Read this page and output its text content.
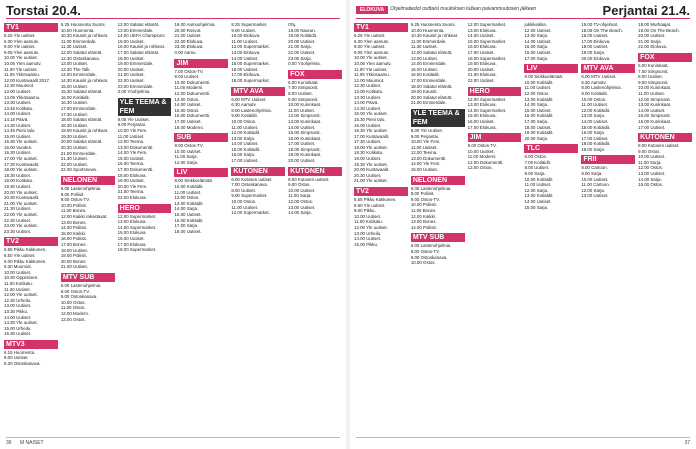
Torstai 20.4.
TV1
6.25 Yle uutiset.
6.30 Ylen aamutv.
9.00 Yle uutiset.
9.05 Ylen aamutv.
10.00 Yle uutiset.
10.05 Ylen aamutv.
11.00 Yle uutiset.
11.05 Ykkösaamu.
12.00 Kuntavaalit 2017.
12.30 Muumiot.
13.00 Uutiset.
13.05 Ykkösaamu.
13.30 Uutiset.
13.45 Kotikatu.
14.00 Uutiset.
14.15 Päivä.
14.30 Uutiset.
14.45 Pieni talo.
15.00 Uutiset.
15.30 Yle uutiset.
16.00 Vuoden.
16.30 Uutiset.
17.00 Yle uutiset.
17.30 Kuntavaalit.
18.00 Yle uutiset.
18.30 Uutiset.
19.00 Kotikatu.
19.30 Uutiset.
20.00 Yle uutiset.
20.30 Kuntavaalit.
21.00 Yle uutiset.
21.30 Uutiset.
22.00 Yle uutiset.
22.30 Uutiset.
23.00 Yle uutiset.
23.30 Uutiset.
TV2
6.55 Pikku Kakkonen.
8.50 Yle uutiset.
9.00 Pikku Kakkonen.
9.30 Muumiot.
10.00 Uutiset.
10.30 Oppimisen.
11.00 Kotikatu.
11.30 Uutiset.
12.00 Yle uutiset.
12.30 Urheilu.
13.00 Uutiset.
13.30 Pikku.
14.00 Uutiset.
14.30 Yle uutiset.
15.00 Urheilu.
15.30 Uutiset.
MTV3
6.15 Huomenta.
9.00 Uutiset.
9.30 Ostoskanava.
6.25 Huomenta Suomi.
10.00 Huomenta.
10.30 Kauniit ja rohkeat.
11.00 Emmerdale.
11.30 Uutiset.
12.00 Salatut elämät.
12.30 Ostoskanava.
13.00 Uutiset.
13.30 The Talk.
14.00 Emmerdale.
14.30 Kauniit ja rohkeat.
15.00 Uutiset.
15.30 Salatut elämät.
16.00 Kotiäidit.
16.30 Uutiset.
17.00 Emmerdale.
17.30 Uutiset.
18.00 Salatut elämät.
18.30 Uutiset.
19.00 Kauniit ja rohkeat.
19.30 Uutiset.
20.00 Salatut elämät.
20.30 Uutiset.
21.00 Emmerdale.
21.30 Uutiset.
22.00 Uutiset.
22.30 Sportsnews.
NELONEN
6.00 Lastenohjelmia.
8.00 Poliisit.
9.00 Ostos-TV.
10.00 Poliisit.
11.00 Bones.
12.00 Kaikki rakastavat.
13.00 Bones.
14.00 Poliisit.
15.00 Kaikki.
16.00 Poliisit.
17.00 Bones.
18.00 Uutiset.
19.00 Poliisit.
20.00 Bones.
21.00 Uutiset.
MTV SUB
6.00 Lastenohjelmia.
8.00 Ostos-TV.
9.00 Ostoskanava.
10.00 Ostos.
11.00 Ostos.
12.00 Modern.
13.00 Ostos.
12.00 Salatut elämät.
13.00 Emmerdale.
14.00 UEFA Champions.
15.00 Uutiset.
16.00 Kauniit ja rohkeat.
17.00 Salatut elämät.
18.00 Uutiset.
19.00 Emmerdale.
20.00 Uutiset.
21.00 Uutiset.
22.00 Uutiset.
23.00 Emmerdale.
0.00 Yöohjelmia.
YLE TEEMA & FEM
8.00 Yle Uutiset.
9.00 Perjantai.
10.00 Yle Fem.
11.00 Uutiset.
12.00 Teema.
13.00 Dokumentti.
14.00 Yle Fem.
15.00 Uutiset.
16.00 Teema.
17.00 Dokumentti.
18.00 Elokuva.
19.00 Uutiset.
20.00 Yle Fem.
21.00 Teema.
22.00 Elokuva.
HERO
12.00 Supermarket.
13.00 Elokuva.
14.00 Supermarket.
15.00 Elokuva.
16.00 Uutiset.
17.00 Elokuva.
18.00 Supermarket.
19.00 Aamuohjelmia.
20.00 Rosvot.
21.00 Uutiset.
22.00 Elokuva.
23.00 Elokuva.
0.00 Aamu.
JIM
7.00 Ostos-TV.
9.00 Uutiset.
10.00 Dokumentti.
11.00 Moderni.
12.00 Dokumentti.
13.00 Ostos.
14.00 Uutiset.
15.00 Ostos.
16.00 Dokumentti.
17.00 Uutiset.
18.00 Moderni.
SUB
8.00 Ostos-TV.
10.00 Uutiset.
11.00 Sarja.
12.00 Sarja.
LIV
9.00 Sinkkuelämää.
10.00 Kotiäidit.
11.00 Uutiset.
12.00 Ostos.
13.00 Kotiäidit.
14.00 Sarja.
15.00 Uutiset.
16.00 Kotiäidit.
17.00 Sarja.
18.00 Uutiset.
8.25 Supermarket.
9.00 Uutiset.
10.00 Elokuva.
11.00 Uutiset.
12.00 Supermarket.
13.00 Elokuva.
14.00 Uutiset.
15.00 Supermarket.
16.00 Uutiset.
17.00 Elokuva.
18.00 Supermarket.
MTV AVA
6.00 MTV Uutiset.
6.30 Aamutv.
8.00 Lastenohjelmia.
9.00 Kotiäidit.
10.00 Ostos.
11.00 Uutiset.
12.00 Kotiäidit.
13.00 Sarja.
14.00 Uutiset.
15.00 Kotiäidit.
16.00 Sarja.
17.00 Uutiset.
KUTONEN
6.00 Kutosen uutiset.
7.00 Ostoskanava.
8.00 Uutiset.
9.00 Supermarket.
10.00 Ostos.
11.00 Uutiset.
12.00 Supermarket.
Ohj.
18.00 Naurun.
19.00 Kotiäidit.
20.00 Uutiset.
21.00 Sarja.
22.00 Uutiset.
23.00 Sarja.
0.00 Yöohjelmia.
FOX
6.00 Kuninkaat.
7.00 Simpsonit.
8.00 Uutiset.
9.00 Simpsonit.
10.00 Kuninkaat.
11.00 Uutiset.
12.00 Simpsonit.
13.00 Kuninkaat.
14.00 Uutiset.
15.00 Simpsonit.
16.00 Kuninkaat.
17.00 Uutiset.
18.00 Simpsonit.
19.00 Kuninkaat.
20.00 Uutiset.
KUTONEN
8.00 Kutosen uutiset.
9.00 Ostos.
10.00 Uutiset.
11.00 Sarja.
12.00 Ostos.
13.00 Uutiset.
14.00 Sarja.
36 M NAISET
ELOKUVA	Ohjelmatiedot osittaisi muutoksen tullaan paivanmuutosen jälkeen	Perjantai 21.4.
TV1
6.25 Yle uutiset.
6.30 Ylen aamutv.
9.00 Yle uutiset.
9.05 Ylen aamutv.
10.00 Yle uutiset.
10.05 Ylen aamutv.
11.00 Yle uutiset.
11.05 Ykkösaamu.
12.00 Muumiot.
12.30 Uutiset.
13.00 Kotikatu.
13.30 Uutiset.
14.00 Päivä.
14.30 Uutiset.
15.00 Yle uutiset.
15.30 Pieni talo.
16.00 Uutiset.
16.30 Yle uutiset.
17.00 Kuntavaalit.
17.30 Uutiset.
18.00 Yle uutiset.
18.30 Kotikatu.
19.00 Uutiset.
19.30 Yle uutiset.
20.00 Kuntavaalit.
20.30 Uutiset.
21.00 Yle uutiset.
TV2
6.55 Pikku Kakkonen.
8.50 Yle uutiset.
9.00 Pikku.
10.00 Uutiset.
11.00 Kotikatu.
12.00 Yle uutiset.
13.00 Urheilu.
14.00 Uutiset.
15.00 Pikku.
6.25 Huomenta Suomi.
10.00 Huomenta.
10.30 Kauniit ja rohkeat.
11.00 Emmerdale.
11.30 Uutiset.
12.00 Salatut elämät.
13.00 Uutiset.
14.00 Emmerdale.
15.00 Uutiset.
16.00 Kotiäidit.
17.00 Emmerdale.
18.00 Salatut elämät.
19.00 Kauniit.
20.00 Salatut elämät.
21.00 Emmerdale.
YLE TEEMA & FEM
8.00 Yle Uutiset.
9.00 Perjantai.
10.00 Yle Fem.
11.00 Uutiset.
12.00 Teema.
13.00 Dokumentti.
14.00 Yle Fem.
15.00 Uutiset.
NELONEN
6.00 Lastenohjelmia.
8.00 Poliisit.
9.00 Ostos-TV.
10.00 Poliisit.
11.00 Bones.
12.00 Kaikki.
13.00 Bones.
14.00 Poliisit.
MTV SUB
6.00 Lastenohjelmia.
8.00 Ostos-TV.
9.00 Ostoskanava.
10.00 Ostos.
12.00 Supermarket.
13.00 Elokuva.
14.00 Uutiset.
15.00 Supermarket.
16.00 Elokuva.
17.00 Uutiset.
18.00 Supermarket.
19.00 Elokuva.
20.00 Uutiset.
21.00 Elokuva.
22.00 Uutiset.
HERO
12.00 Supermarket.
13.00 Elokuva.
14.00 Supermarket.
15.00 Elokuva.
16.00 Uutiset.
17.00 Elokuva.
JIM
9.00 Ostos-TV.
10.00 Uutiset.
11.00 Moderni.
12.00 Dokumentti.
13.00 Ostos.
jukkikeikka.
12.00 Uutiset.
13.00 Sarja.
14.00 Uutiset.
15.00 Sarja.
16.00 Uutiset.
17.00 Sarja.
LIV
9.00 Sinkkuelämää.
10.00 Kotiäidit.
11.00 Uutiset.
12.00 Ostos.
13.00 Kotiäidit.
14.00 Sarja.
15.00 Uutiset.
16.00 Kotiäidit.
17.00 Sarja.
18.00 Uutiset.
19.00 Kotiäidit.
20.00 Sarja.
TLC
6.00 Ostos.
7.00 Kotiäidit.
8.00 Uutiset.
9.00 Sarja.
10.00 Kotiäidit.
11.00 Uutiset.
12.00 Sarja.
13.00 Kotiäidit.
14.00 Uutiset.
15.00 Sarja.
15.00 TV-ohjelmat.
15.05 On The Beach.
16.00 Uutiset.
17.00 Elokuva.
18.00 Uutiset.
19.00 Sarja.
20.00 Elokuva.
MTV AVA
6.00 MTV Uutiset.
6.30 Aamutv.
8.00 Lastenohjelmia.
9.00 Kotiäidit.
10.00 Ostos.
11.00 Uutiset.
12.00 Kotiäidit.
13.00 Sarja.
14.00 Uutiset.
15.00 Kotiäidit.
16.00 Sarja.
17.00 Uutiset.
18.00 Kotiäidit.
19.00 Sarja.
FRII
8.00 Cartoon.
9.00 Sarja.
10.00 Uutiset.
11.00 Cartoon.
12.00 Sarja.
13.00 Uutiset.
18.00 Murhaajat.
19.00 On The Beach.
20.00 Uutiset.
21.00 Sarja.
22.00 Elokuva.
FOX
6.00 Kuninkaat.
7.00 Simpsonit.
8.00 Uutiset.
9.00 Simpsonit.
10.00 Kuninkaat.
11.00 Uutiset.
12.00 Simpsonit.
13.00 Kuninkaat.
14.00 Uutiset.
15.00 Simpsonit.
16.00 Kuninkaat.
17.00 Uutiset.
KUTONEN
8.00 Kutosen uutiset.
9.00 Ostos.
10.00 Uutiset.
11.00 Sarja.
12.00 Ostos.
13.00 Uutiset.
14.00 Sarja.
15.00 Ostos.
37
